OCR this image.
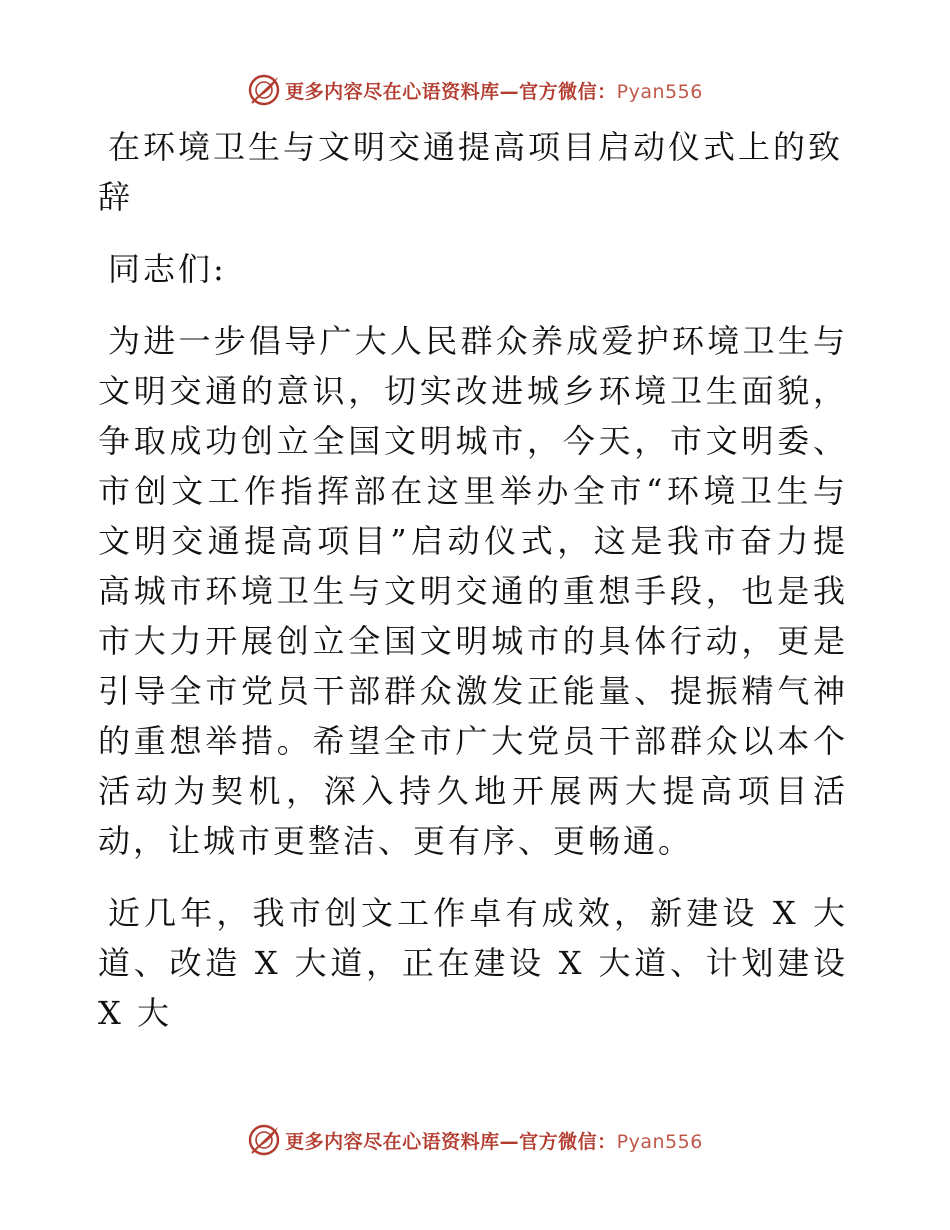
更多内容尽在心语资料库—官方微信：Pyan556
在环境卫生与文明交通提高项目启动仪式上的致辞

同志们:

为进一步倡导广大人民群众养成爱护环境卫生与文明交通的意识，切实改进城乡环境卫生面貌，争取成功创立全国文明城市，今天，市文明委、市创文工作指挥部在这里举办全市“环境卫生与文明交通提高项目”启动仪式，这是我市奋力提高城市环境卫生与文明交通的重想手段，也是我市大力开展创立全国文明城市的具体行动，更是引导全市党员干部群众激发正能量、提振精气神的重想举措。希望全市广大党员干部群众以本个活动为契机，深入持久地开展两大提高项目活动，让城市更整洁、更有序、更畅通。

近几年，我市创文工作卓有成效，新建设 X 大道、改造 X 大道，正在建设 X 大道、计划建设 X 大

更多内容尽在心语资料库—官方微信：Pyan556
